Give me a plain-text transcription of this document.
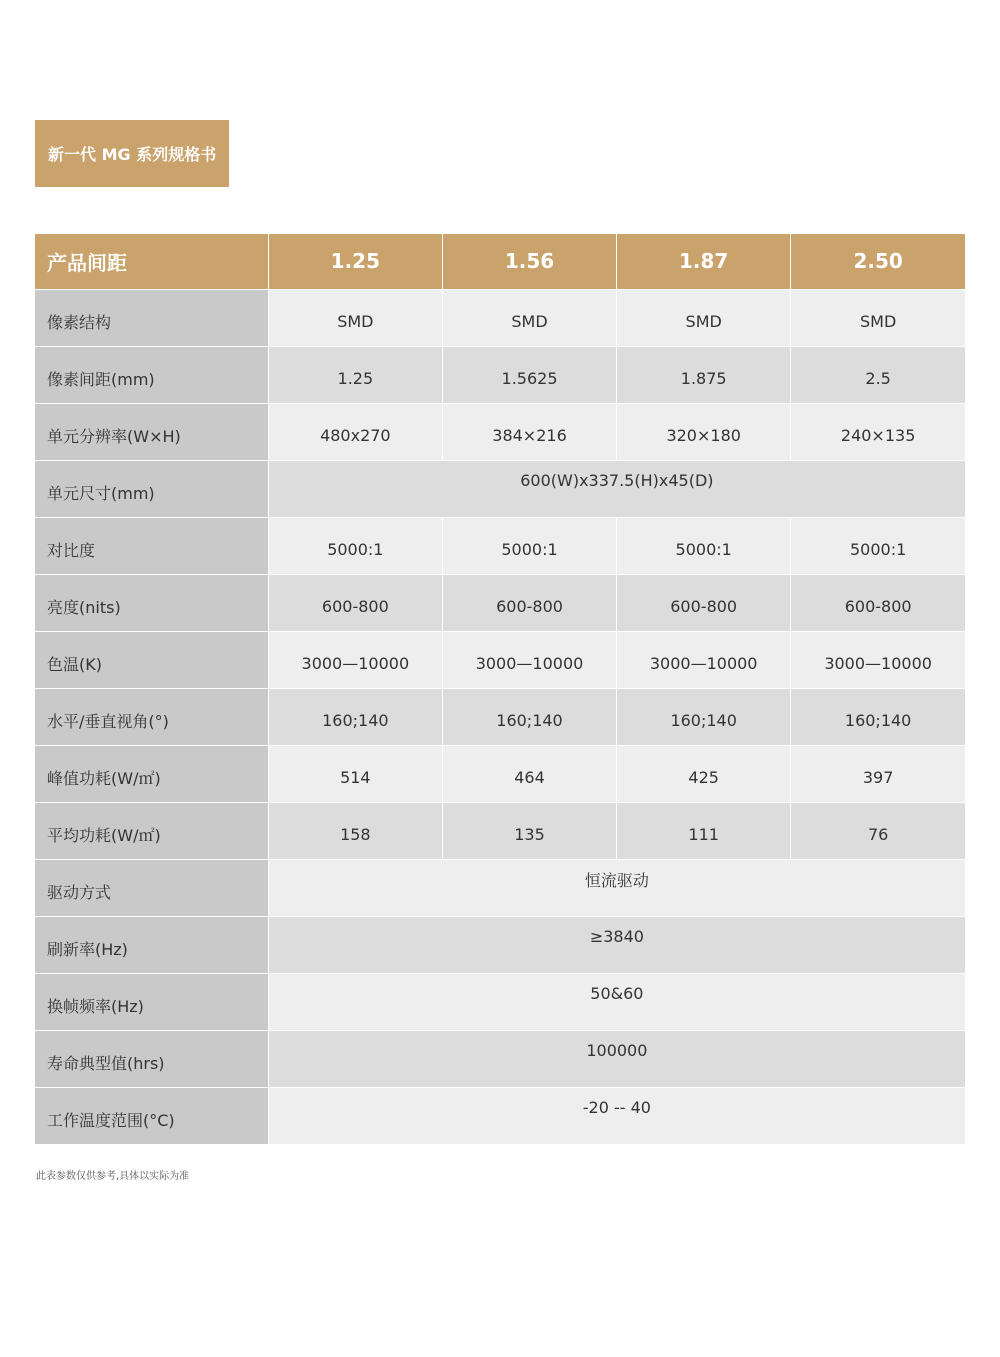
新一代 MG 系列规格书
产品间距	1.25	1.56	1.87	2.50
像素结构	SMD	SMD	SMD	SMD
像素间距(mm)	1.25	1.5625	1.875	2.5
单元分辨率(W×H)	480x270	384×216	320×180	240×135
单元尺寸(mm)	600(W)x337.5(H)x45(D)			
对比度	5000:1	5000:1	5000:1	5000:1
亮度(nits)	600-800	600-800	600-800	600-800
色温(K)	3000—10000	3000—10000	3000—10000	3000—10000
水平/垂直视角(°)	160;140	160;140	160;140	160;140
峰值功耗(W/㎡)	514	464	425	397
平均功耗(W/㎡)	158	135	111	76
驱动方式	恒流驱动			
刷新率(Hz)	≥3840			
换帧频率(Hz)	50&60			
寿命典型值(hrs)	100000			
工作温度范围(°C)	-20 -- 40			
此表参数仅供参考,具体以实际为准
